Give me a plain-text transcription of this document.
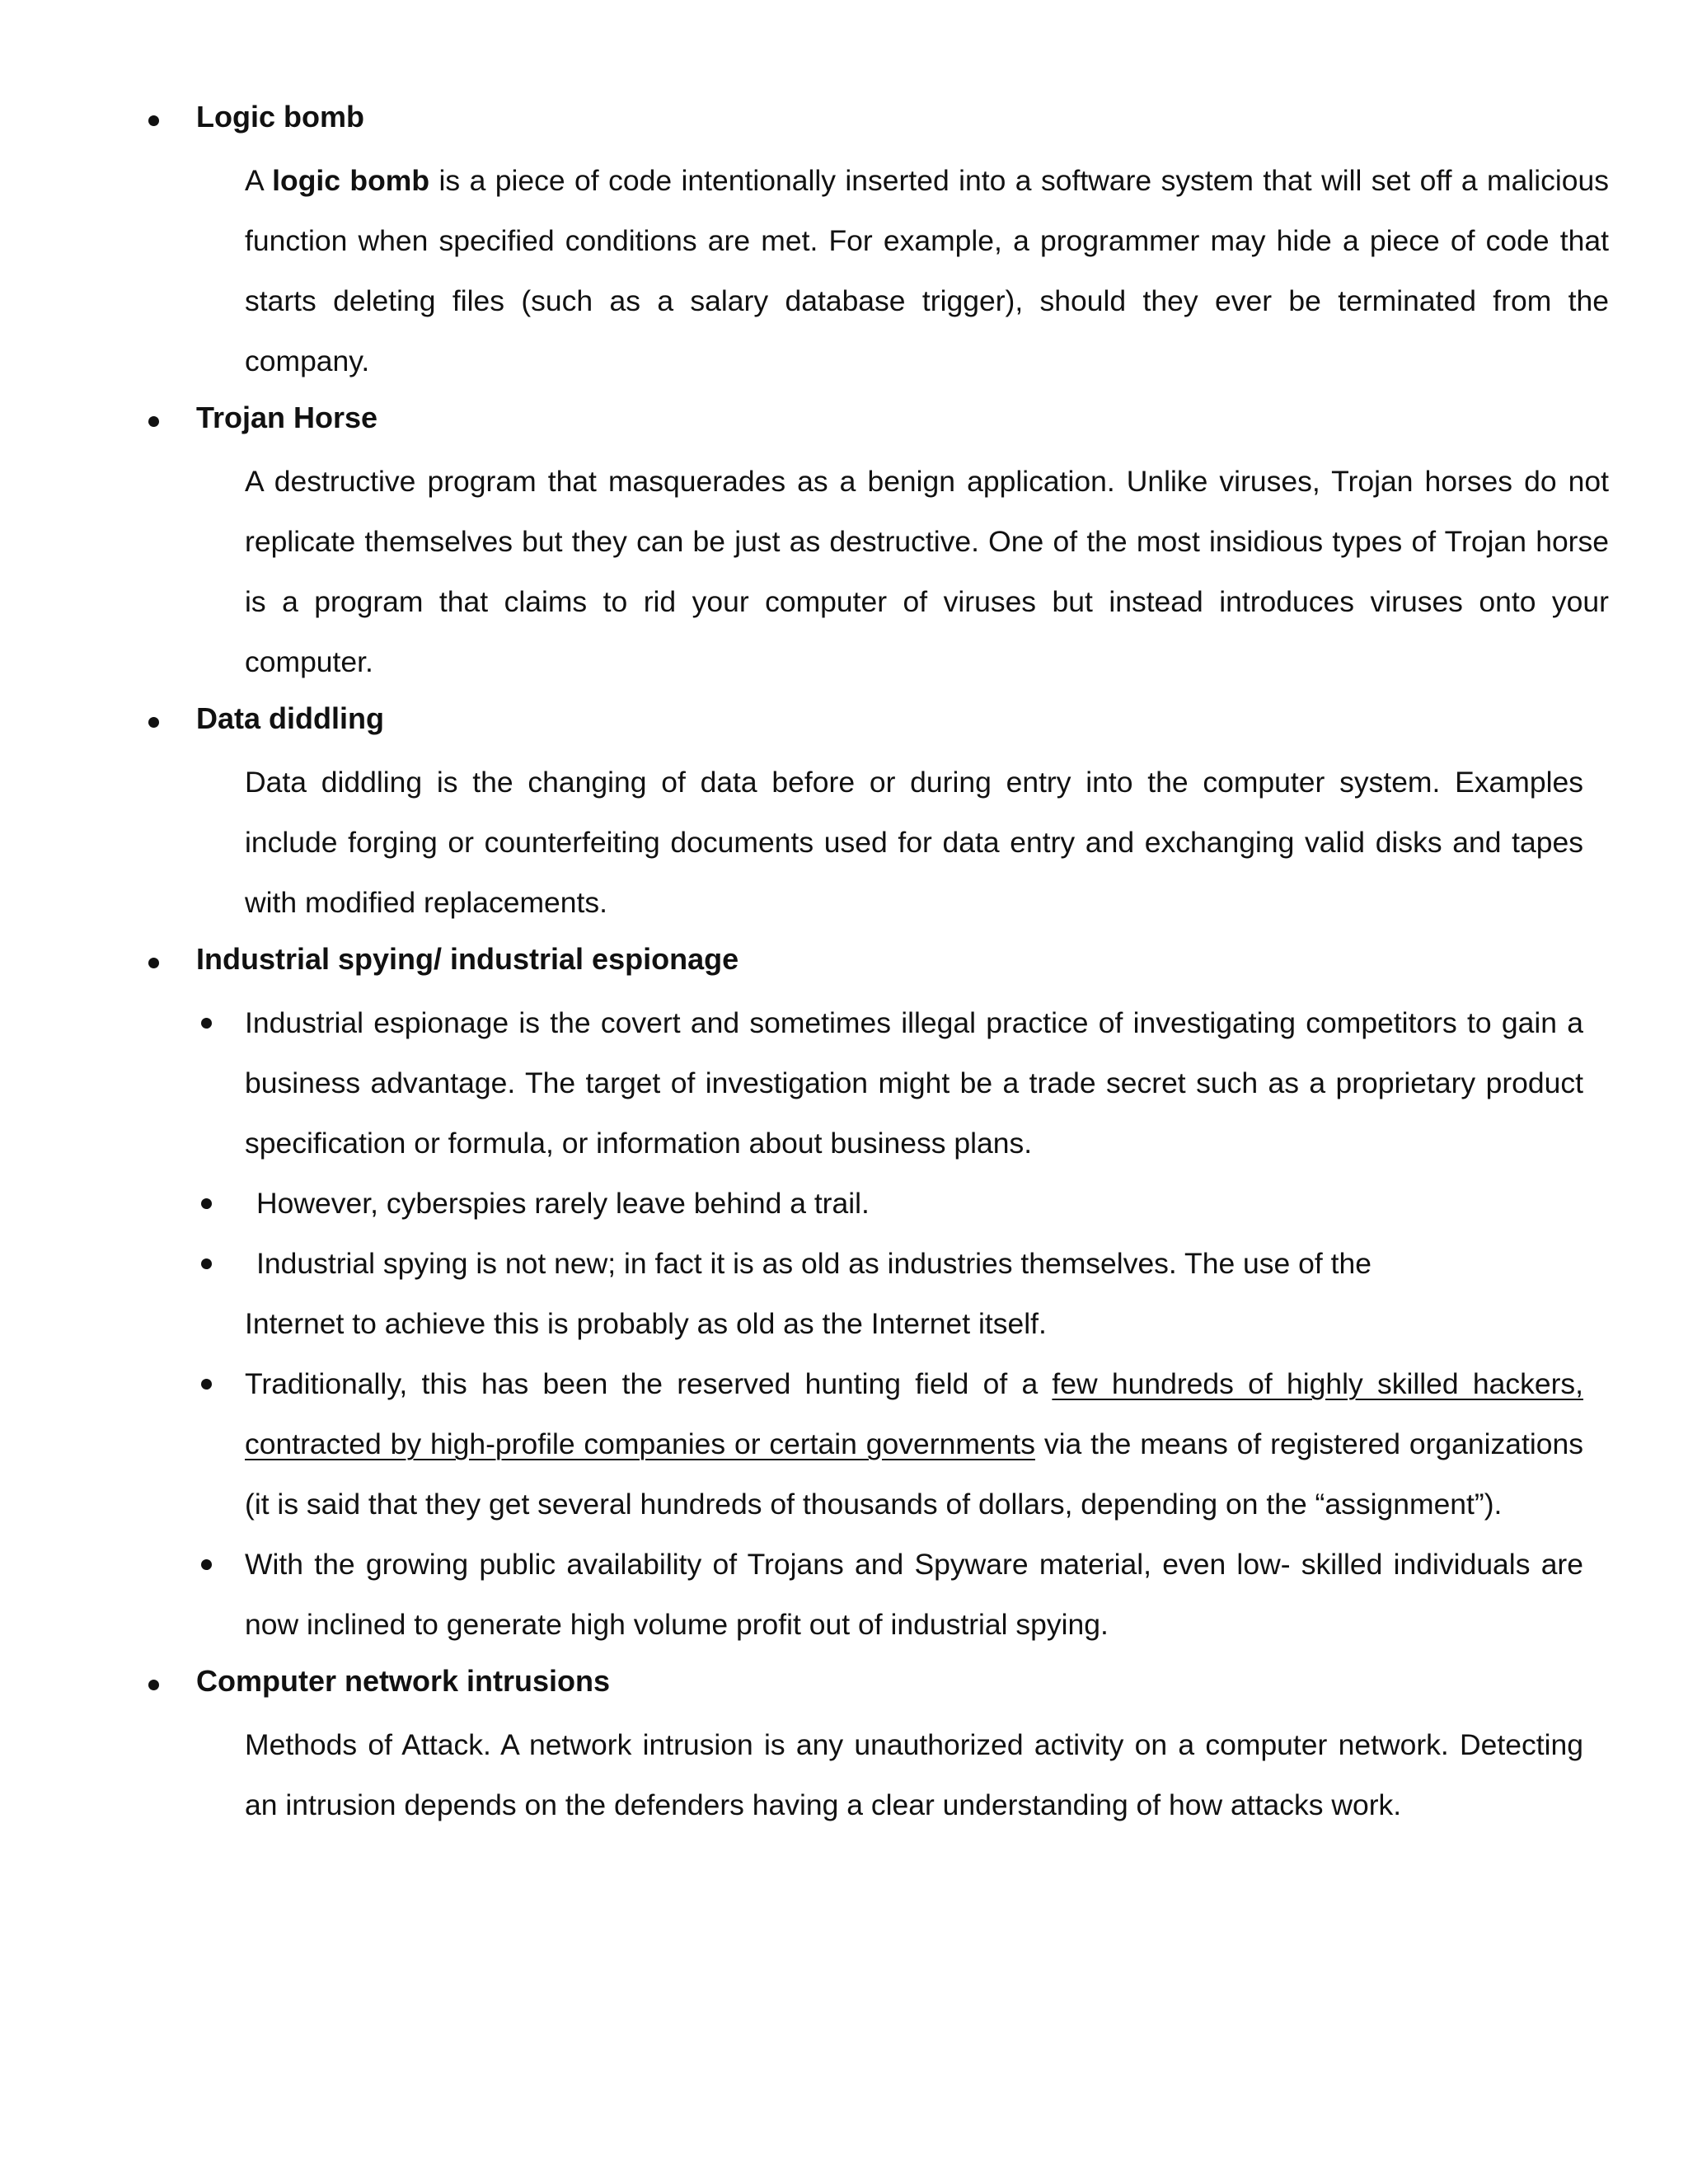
Logic bomb

A logic bomb is a piece of code intentionally inserted into a software system that will set off a malicious function when specified conditions are met. For example, a programmer may hide a piece of code that starts deleting files (such as a salary database trigger), should they ever be terminated from the company.

Trojan Horse

A destructive program that masquerades as a benign application. Unlike viruses, Trojan horses do not replicate themselves but they can be just as destructive. One of the most insidious types of Trojan horse is a program that claims to rid your computer of viruses but instead introduces viruses onto your computer.

Data diddling

Data diddling is the changing of data before or during entry into the computer system. Examples include forging or counterfeiting documents used for data entry and exchanging valid disks and tapes with modified replacements.

Industrial spying/ industrial espionage
Industrial espionage is the covert and sometimes illegal practice of investigating competitors to gain a business advantage. The target of investigation might be a trade secret such as a proprietary product specification or formula, or information about business plans.
However, cyberspies rarely leave behind a trail.
Industrial spying is not new; in fact it is as old as industries themselves. The use of the
Internet to achieve this is probably as old as the Internet itself.
Traditionally, this has been the reserved hunting field of a few hundreds of highly skilled hackers, contracted by high-profile companies or certain governments via the means of registered organizations (it is said that they get several hundreds of thousands of dollars, depending on the “assignment”).
With the growing public availability of Trojans and Spyware material, even low- skilled individuals are now inclined to generate high volume profit out of industrial spying.
Computer network intrusions

Methods of Attack. A network intrusion is any unauthorized activity on a computer network. Detecting an intrusion depends on the defenders having a clear understanding of how attacks work.
